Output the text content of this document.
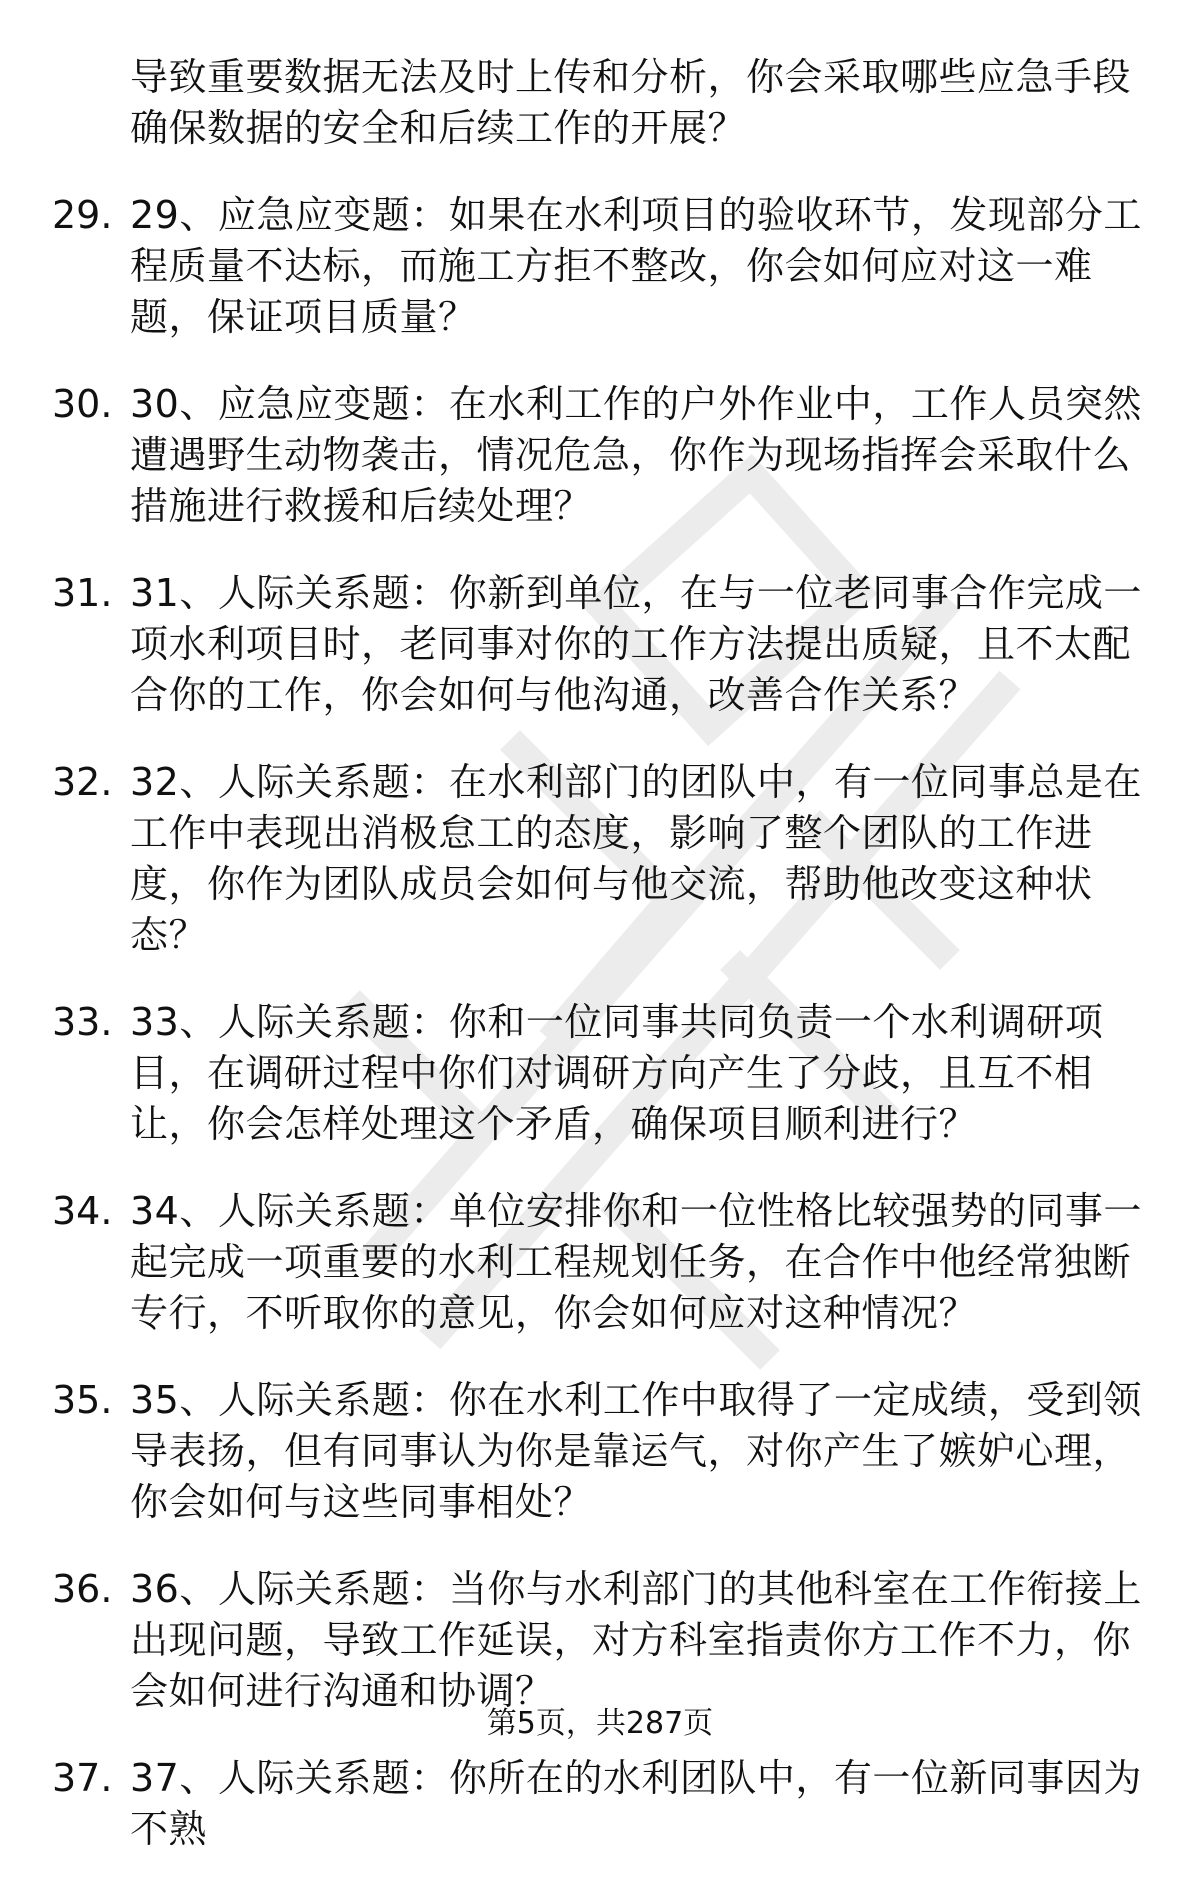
导致重要数据无法及时上传和分析，你会采取哪些应急手段确保数据的安全和后续工作的开展？
29. 29、应急应变题：如果在水利项目的验收环节，发现部分工程质量不达标，而施工方拒不整改，你会如何应对这一难题，保证项目质量？
30. 30、应急应变题：在水利工作的户外作业中，工作人员突然遭遇野生动物袭击，情况危急，你作为现场指挥会采取什么措施进行救援和后续处理？
31. 31、人际关系题：你新到单位，在与一位老同事合作完成一项水利项目时，老同事对你的工作方法提出质疑，且不太配合你的工作，你会如何与他沟通，改善合作关系？
32. 32、人际关系题：在水利部门的团队中，有一位同事总是在工作中表现出消极怠工的态度，影响了整个团队的工作进度，你作为团队成员会如何与他交流，帮助他改变这种状态？
33. 33、人际关系题：你和一位同事共同负责一个水利调研项目，在调研过程中你们对调研方向产生了分歧，且互不相让，你会怎样处理这个矛盾，确保项目顺利进行？
34. 34、人际关系题：单位安排你和一位性格比较强势的同事一起完成一项重要的水利工程规划任务，在合作中他经常独断专行，不听取你的意见，你会如何应对这种情况？
35. 35、人际关系题：你在水利工作中取得了一定成绩，受到领导表扬，但有同事认为你是靠运气，对你产生了嫉妒心理，你会如何与这些同事相处？
36. 36、人际关系题：当你与水利部门的其他科室在工作衔接上出现问题，导致工作延误，对方科室指责你方工作不力，你会如何进行沟通和协调？
37. 37、人际关系题：你所在的水利团队中，有一位新同事因为不熟
第5页，共287页
